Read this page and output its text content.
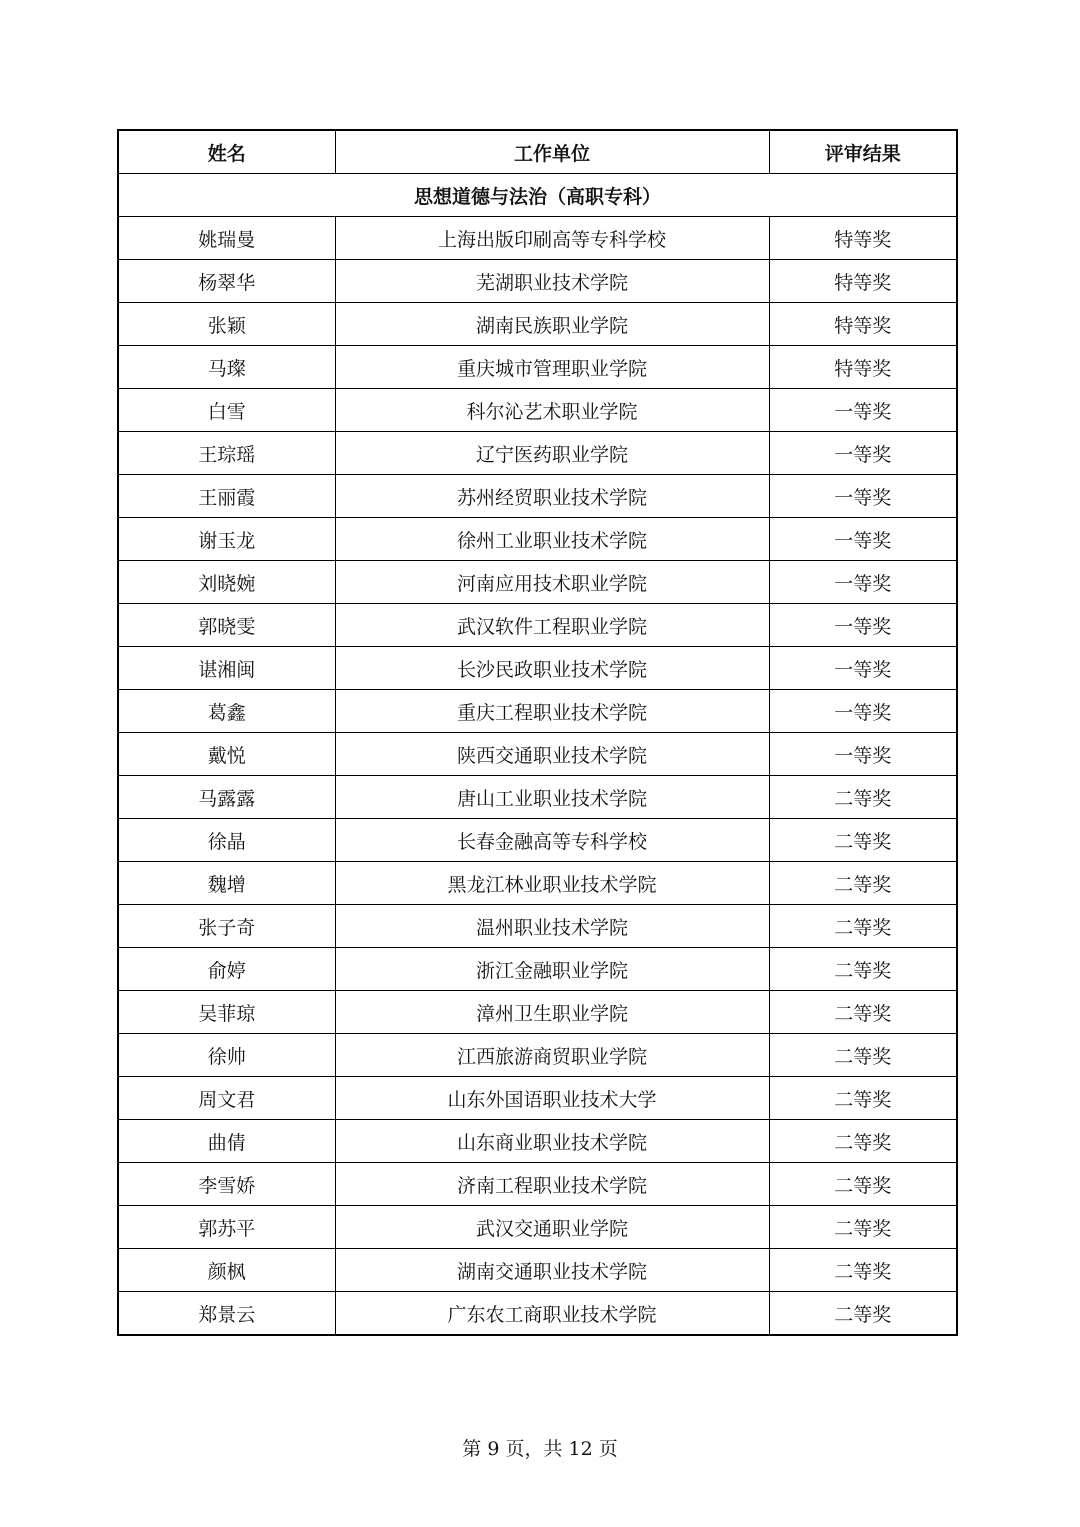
姓名	工作单位	评审结果
思想道德与法治（高职专科）		
姚瑞曼	上海出版印刷高等专科学校	特等奖
杨翠华	芜湖职业技术学院	特等奖
张颖	湖南民族职业学院	特等奖
马璨	重庆城市管理职业学院	特等奖
白雪	科尔沁艺术职业学院	一等奖
王琮瑶	辽宁医药职业学院	一等奖
王丽霞	苏州经贸职业技术学院	一等奖
谢玉龙	徐州工业职业技术学院	一等奖
刘晓婉	河南应用技术职业学院	一等奖
郭晓雯	武汉软件工程职业学院	一等奖
谌湘闽	长沙民政职业技术学院	一等奖
葛鑫	重庆工程职业技术学院	一等奖
戴悦	陕西交通职业技术学院	一等奖
马露露	唐山工业职业技术学院	二等奖
徐晶	长春金融高等专科学校	二等奖
魏增	黑龙江林业职业技术学院	二等奖
张子奇	温州职业技术学院	二等奖
俞婷	浙江金融职业学院	二等奖
吴菲琼	漳州卫生职业学院	二等奖
徐帅	江西旅游商贸职业学院	二等奖
周文君	山东外国语职业技术大学	二等奖
曲倩	山东商业职业技术学院	二等奖
李雪娇	济南工程职业技术学院	二等奖
郭苏平	武汉交通职业学院	二等奖
颜枫	湖南交通职业技术学院	二等奖
郑景云	广东农工商职业技术学院	二等奖
第 9 页，共 12 页
